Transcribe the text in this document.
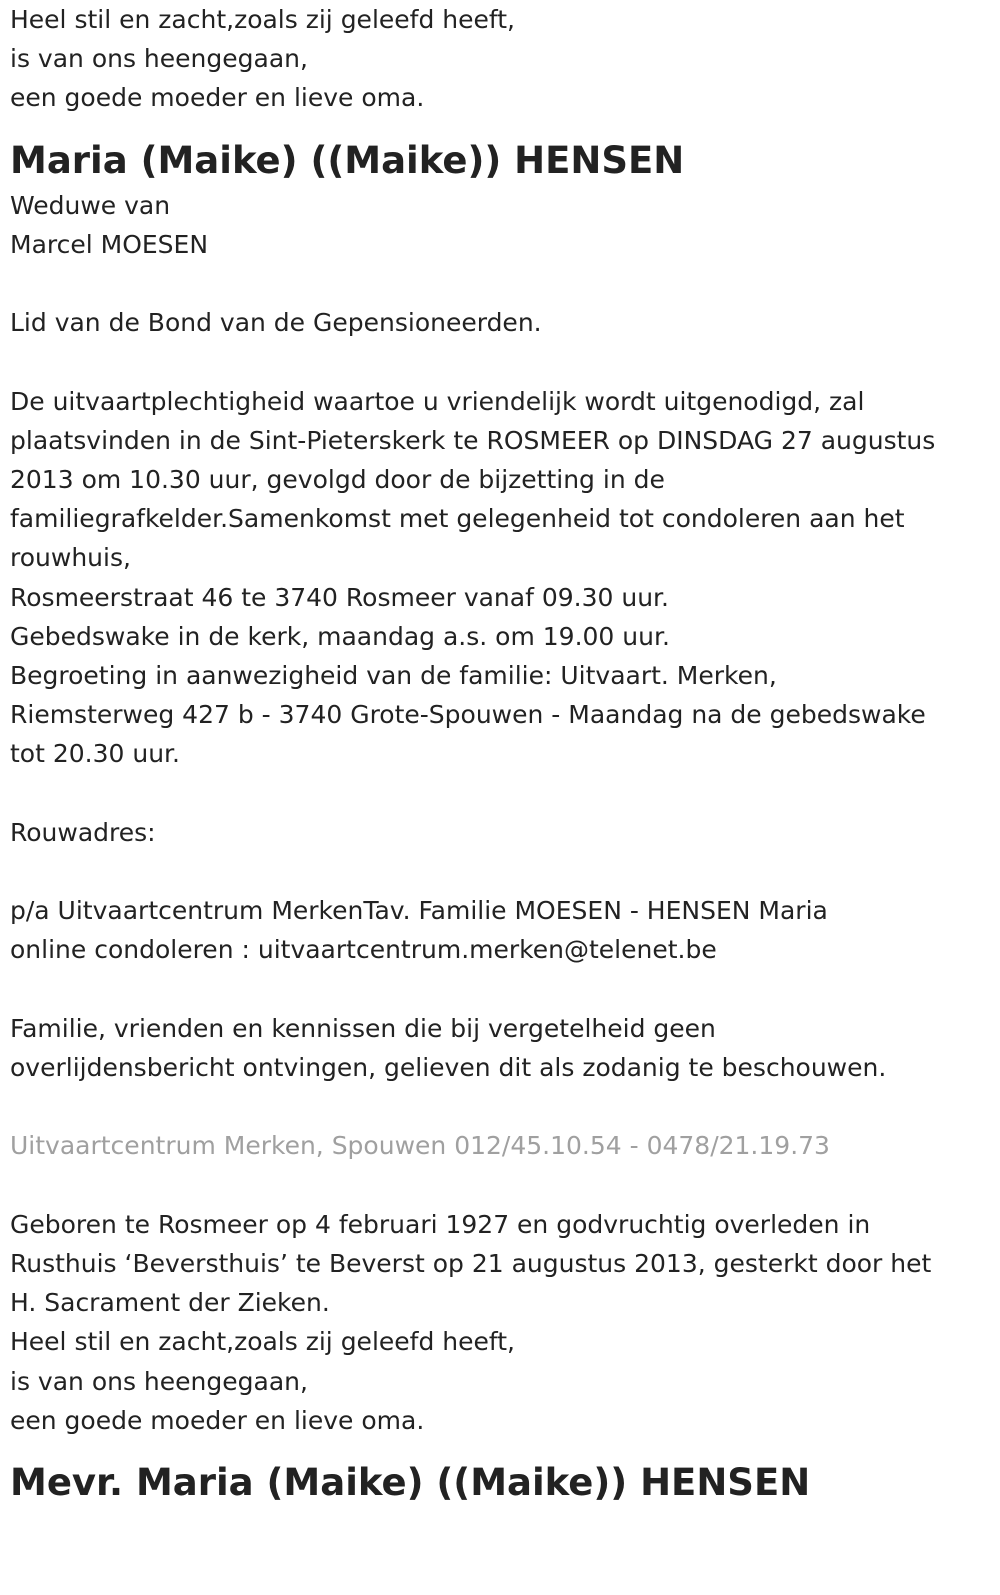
Heel stil en zacht,zoals zij geleefd heeft,

is van ons heengegaan,

een goede moeder en lieve oma.

Maria (Maike) ((Maike)) HENSEN

Weduwe van

Marcel MOESEN

Lid van de Bond van de Gepensioneerden.

De uitvaartplechtigheid waartoe u vriendelijk wordt uitgenodigd, zal

plaatsvinden in de Sint-Pieterskerk te ROSMEER op DINSDAG 27 augustus

2013 om 10.30 uur, gevolgd door de bijzetting in de

familiegrafkelder.Samenkomst met gelegenheid tot condoleren aan het

rouwhuis,

Rosmeerstraat 46 te 3740 Rosmeer vanaf 09.30 uur.

Gebedswake in de kerk, maandag a.s. om 19.00 uur.

Begroeting in aanwezigheid van de familie: Uitvaart. Merken,

Riemsterweg 427 b - 3740 Grote-Spouwen - Maandag na de gebedswake

tot 20.30 uur.

Rouwadres:

p/a Uitvaartcentrum MerkenTav. Familie MOESEN - HENSEN Maria

online condoleren : uitvaartcentrum.merken@telenet.be

Familie, vrienden en kennissen die bij vergetelheid geen

overlijdensbericht ontvingen, gelieven dit als zodanig te beschouwen.

Uitvaartcentrum Merken, Spouwen 012/45.10.54 - 0478/21.19.73

Geboren te Rosmeer op 4 februari 1927 en godvruchtig overleden in

Rusthuis ‘Beversthuis’ te Beverst op 21 augustus 2013, gesterkt door het

H. Sacrament der Zieken.

Heel stil en zacht,zoals zij geleefd heeft,

is van ons heengegaan,

een goede moeder en lieve oma.

Mevr. Maria (Maike) ((Maike)) HENSEN
